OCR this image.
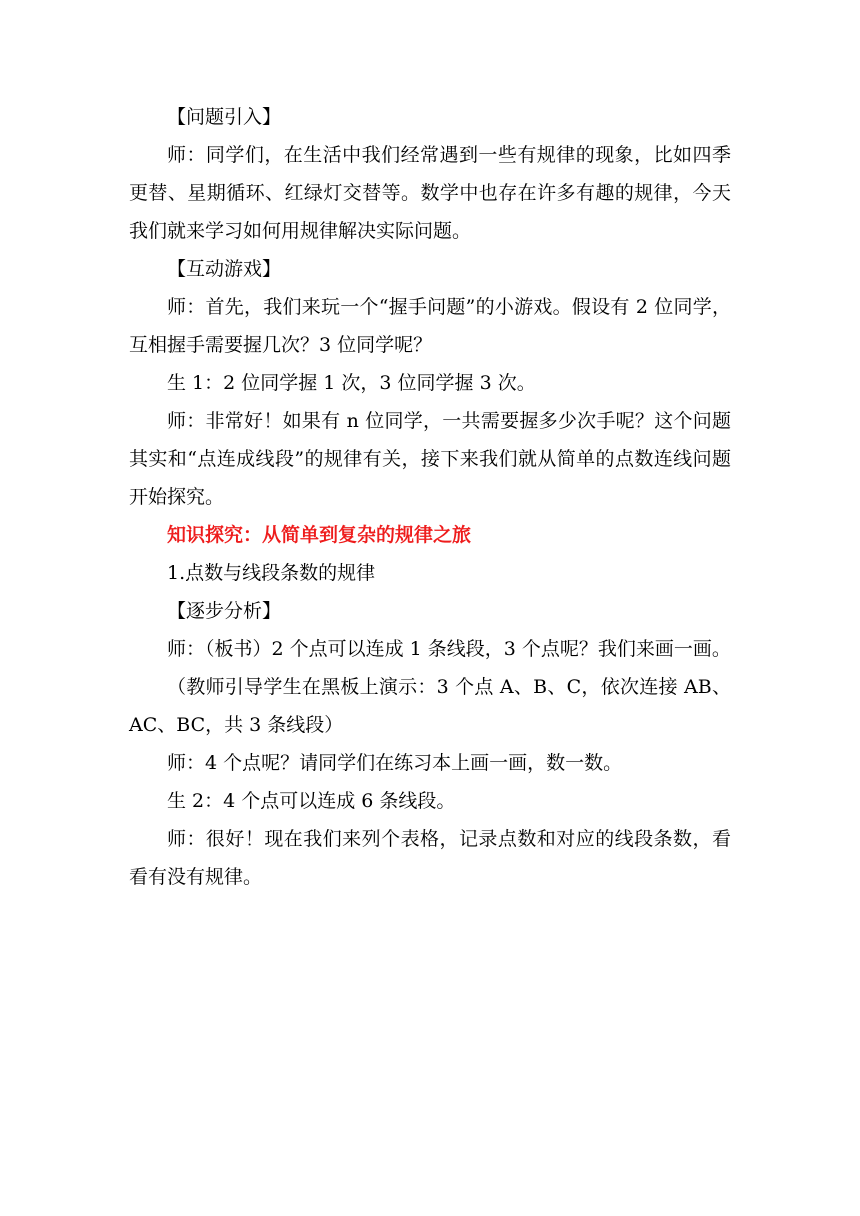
【问题引入】

师：同学们，在生活中我们经常遇到一些有规律的现象，比如四季更替、星期循环、红绿灯交替等。数学中也存在许多有趣的规律，今天我们就来学习如何用规律解决实际问题。

【互动游戏】

师：首先，我们来玩一个“握手问题”的小游戏。假设有 2 位同学，互相握手需要握几次？3 位同学呢？

生 1：2 位同学握 1 次，3 位同学握 3 次。

师：非常好！如果有 n 位同学，一共需要握多少次手呢？这个问题其实和“点连成线段”的规律有关，接下来我们就从简单的点数连线问题开始探究。

知识探究：从简单到复杂的规律之旅

1.点数与线段条数的规律

【逐步分析】

师：（板书）2 个点可以连成 1 条线段，3 个点呢？我们来画一画。

（教师引导学生在黑板上演示：3 个点 A、B、C，依次连接 AB、AC、BC，共 3 条线段）

师：4 个点呢？请同学们在练习本上画一画，数一数。

生 2：4 个点可以连成 6 条线段。

师：很好！现在我们来列个表格，记录点数和对应的线段条数，看看有没有规律。
